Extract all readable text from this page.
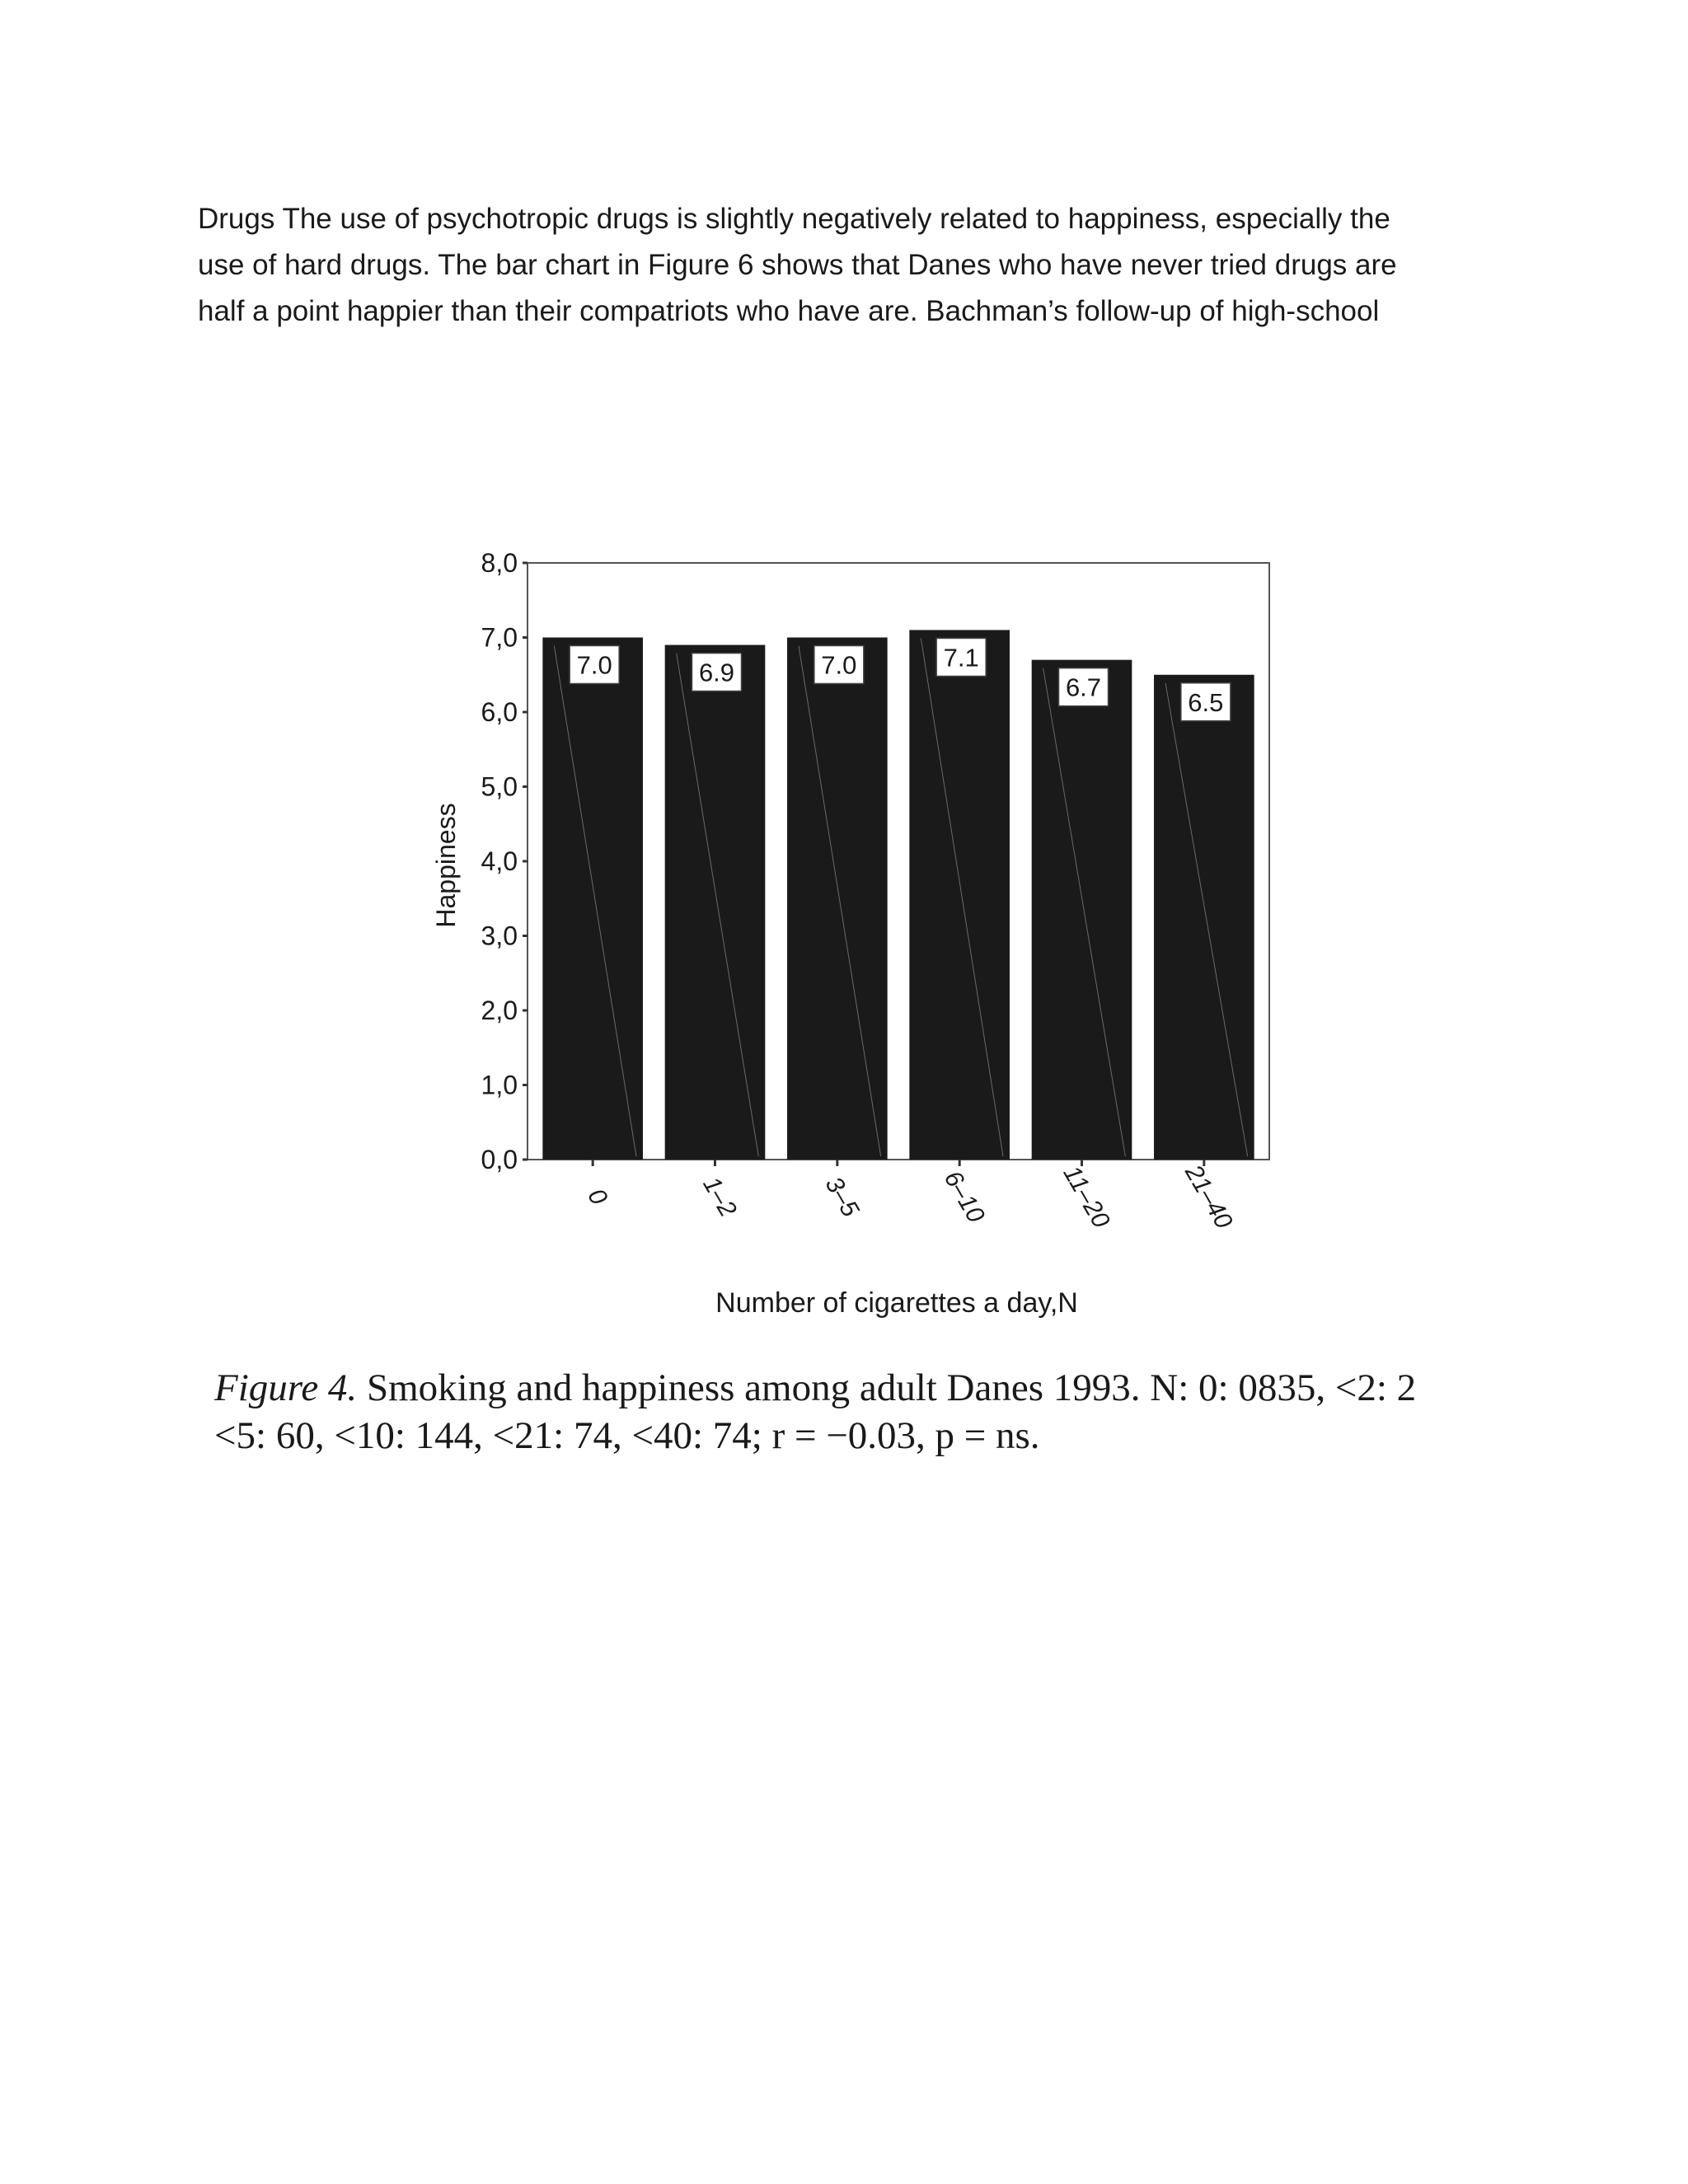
Drugs The use of psychotropic drugs is slightly negatively related to happiness, especially the
use of hard drugs. The bar chart in Figure 6 shows that Danes who have never tried drugs are
half a point happier than their compatriots who have are. Bachman’s follow-up of high-school
Happiness
Number of cigarettes a day,N
0,0
1,0
2,0
3,0
4,0
5,0
6,0
7,0
8,0
7.0
0
6.9
1–2
7.0
3–5
7.1
6–10
6.7
11–20
6.5
21–40
Figure 4. Smoking and happiness among adult Danes 1993. N: 0: 0835, <2: 2
<5: 60, <10: 144, <21: 74, <40: 74; r = −0.03, p = ns.
